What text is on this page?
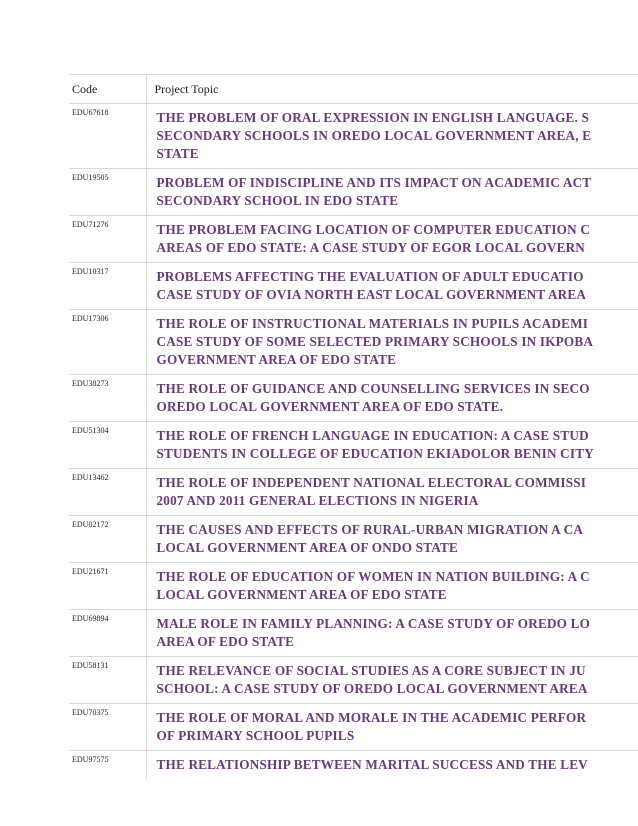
Code	Project Topic
EDU67618	THE PROBLEM OF ORAL EXPRESSION IN ENGLISH LANGUAGE. S
SECONDARY SCHOOLS IN OREDO LOCAL GOVERNMENT AREA, E
STATE

EDU19505	PROBLEM OF INDISCIPLINE AND ITS IMPACT ON ACADEMIC ACT
SECONDARY SCHOOL IN EDO STATE

EDU71276	THE PROBLEM FACING LOCATION OF COMPUTER EDUCATION C
AREAS OF EDO STATE: A CASE STUDY OF EGOR LOCAL GOVERN

EDU10317	PROBLEMS AFFECTING THE EVALUATION OF ADULT EDUCATIO
CASE STUDY OF OVIA NORTH EAST LOCAL GOVERNMENT AREA

EDU17306	THE ROLE OF INSTRUCTIONAL MATERIALS IN PUPILS ACADEMI
CASE STUDY OF SOME SELECTED PRIMARY SCHOOLS IN IKPOBA
GOVERNMENT AREA OF EDO STATE

EDU38273	THE ROLE OF GUIDANCE AND COUNSELLING SERVICES IN SECO
OREDO LOCAL GOVERNMENT AREA OF EDO STATE.

EDU51304	THE ROLE OF FRENCH LANGUAGE IN EDUCATION: A CASE STUD
STUDENTS IN COLLEGE OF EDUCATION EKIADOLOR BENIN CITY

EDU13462	THE ROLE OF INDEPENDENT NATIONAL ELECTORAL COMMISSI
2007 AND 2011 GENERAL ELECTIONS IN NIGERIA

EDU02172	THE CAUSES AND EFFECTS OF RURAL-URBAN MIGRATION A CA
LOCAL GOVERNMENT AREA OF ONDO STATE

EDU21671	THE ROLE OF EDUCATION OF WOMEN IN NATION BUILDING: A C
LOCAL GOVERNMENT AREA OF EDO STATE

EDU69894	MALE ROLE IN FAMILY PLANNING: A CASE STUDY OF OREDO LO
AREA OF EDO STATE

EDU58131	THE RELEVANCE OF SOCIAL STUDIES AS A CORE SUBJECT IN JU
SCHOOL: A CASE STUDY OF OREDO LOCAL GOVERNMENT AREA

EDU70375	THE ROLE OF MORAL AND MORALE IN THE ACADEMIC PERFOR
OF PRIMARY SCHOOL PUPILS

EDU97575	THE RELATIONSHIP BETWEEN MARITAL SUCCESS AND THE LEV
